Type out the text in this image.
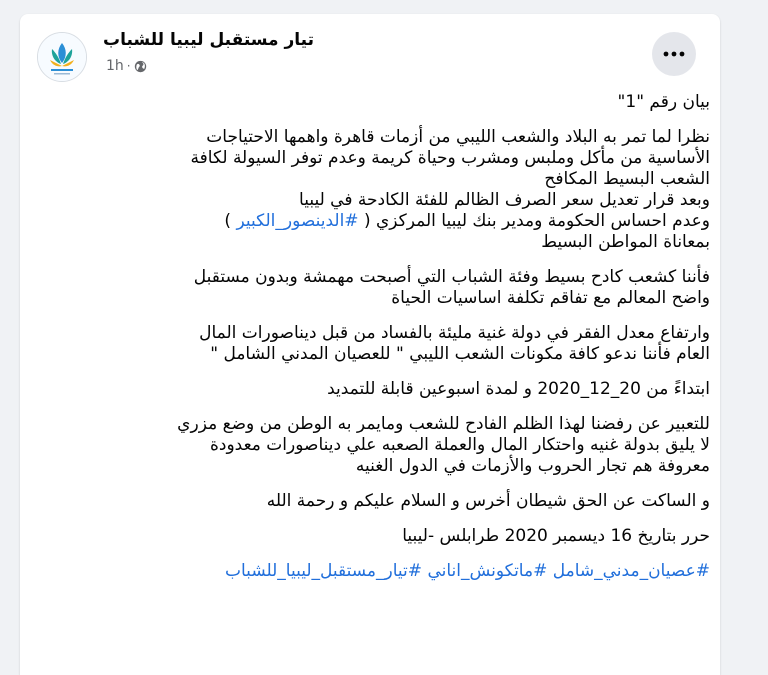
تيار مستقبل ليبيا للشباب
1h ·

بيان رقم "1"

نظرا لما تمر به البلاد والشعب الليبي من أزمات قاهرة واهمها الاحتياجات
الأساسية من مأكل وملبس ومشرب وحياة كريمة وعدم توفر السيولة لكافة
الشعب البسيط المكافح
وبعد قرار تعديل سعر الصرف الظالم للفئة الكادحة في ليبيا
وعدم احساس الحكومة ومدير بنك ليبيا المركزي ( #الدينصور_الكبير )
بمعاناة المواطن البسيط

فأننا كشعب كادح بسيط وفئة الشباب التي أصبحت مهمشة وبدون مستقبل
واضح المعالم مع تفاقم تكلفة اساسيات الحياة

وارتفاع معدل الفقر في دولة غنية مليئة بالفساد من قبل ديناصورات المال
العام فأننا ندعو كافة مكونات الشعب الليبي " للعصيان المدني الشامل "

ابتداءً من 20_12_2020 و لمدة اسبوعين قابلة للتمديد

للتعبير عن رفضنا لهذا الظلم الفادح للشعب ومايمر به الوطن من وضع مزري
لا يليق بدولة غنيه واحتكار المال والعملة الصعبه علي ديناصورات معدودة
معروفة هم تجار الحروب والأزمات في الدول الغنيه

و الساكت عن الحق شيطان أخرس و السلام عليكم و رحمة الله

حرر بتاريخ 16 ديسمبر 2020 طرابلس -ليبيا

#عصيان_مدني_شامل #ماتكونش_اناني #تيار_مستقبل_ليبيا_للشباب
